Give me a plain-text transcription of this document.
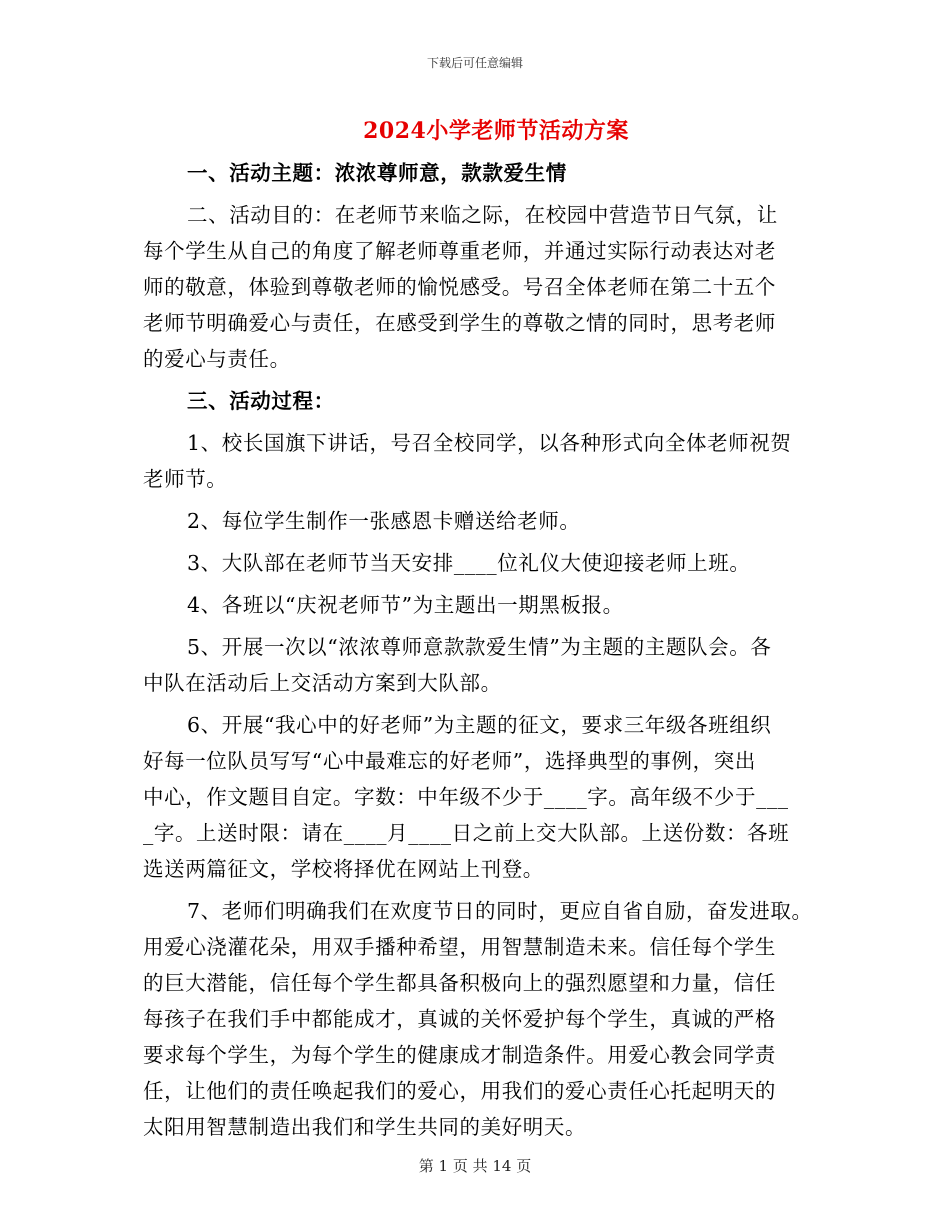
下载后可任意编辑
2024小学老师节活动方案
一、活动主题：浓浓尊师意，款款爱生情
二、活动目的：在老师节来临之际，在校园中营造节日气氛，让
每个学生从自己的角度了解老师尊重老师，并通过实际行动表达对老
师的敬意，体验到尊敬老师的愉悦感受。号召全体老师在第二十五个
老师节明确爱心与责任，在感受到学生的尊敬之情的同时，思考老师
的爱心与责任。
三、活动过程：
1、校长国旗下讲话，号召全校同学，以各种形式向全体老师祝贺
老师节。
2、每位学生制作一张感恩卡赠送给老师。
3、大队部在老师节当天安排____位礼仪大使迎接老师上班。
4、各班以“庆祝老师节”为主题出一期黑板报。
5、开展一次以“浓浓尊师意款款爱生情”为主题的主题队会。各
中队在活动后上交活动方案到大队部。
6、开展“我心中的好老师”为主题的征文，要求三年级各班组织
好每一位队员写写“心中最难忘的好老师”，选择典型的事例，突出
中心，作文题目自定。字数：中年级不少于____字。高年级不少于___
_字。上送时限：请在____月____日之前上交大队部。上送份数：各班
选送两篇征文，学校将择优在网站上刊登。
7、老师们明确我们在欢度节日的同时，更应自省自励，奋发进取。
用爱心浇灌花朵，用双手播种希望，用智慧制造未来。信任每个学生
的巨大潜能，信任每个学生都具备积极向上的强烈愿望和力量，信任
每孩子在我们手中都能成才，真诚的关怀爱护每个学生，真诚的严格
要求每个学生，为每个学生的健康成才制造条件。用爱心教会同学责
任，让他们的责任唤起我们的爱心，用我们的爱心责任心托起明天的
太阳用智慧制造出我们和学生共同的美好明天。
第 1 页 共 14 页
